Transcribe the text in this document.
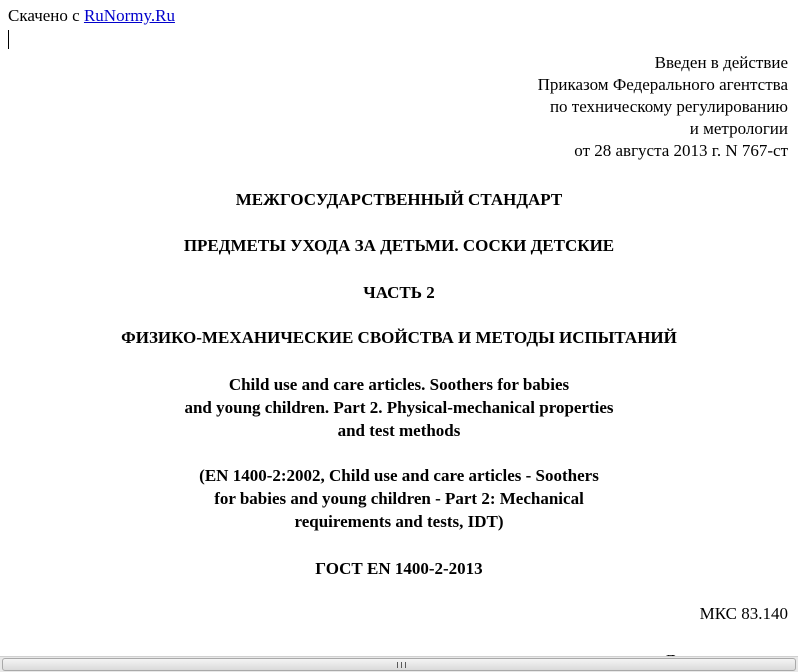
Скачено с RuNormy.Ru
Введен в действие
Приказом Федерального агентства
по техническому регулированию
и метрологии
от 28 августа 2013 г. N 767-ст
МЕЖГОСУДАРСТВЕННЫЙ СТАНДАРТ
ПРЕДМЕТЫ УХОДА ЗА ДЕТЬМИ. СОСКИ ДЕТСКИЕ
ЧАСТЬ 2
ФИЗИКО-МЕХАНИЧЕСКИЕ СВОЙСТВА И МЕТОДЫ ИСПЫТАНИЙ
Child use and care articles. Soothers for babies
and young children. Part 2. Physical-mechanical properties
and test methods
(EN 1400-2:2002, Child use and care articles - Soothers
for babies and young children - Part 2: Mechanical
requirements and tests, IDT)
ГОСТ EN 1400-2-2013
МКС 83.140
